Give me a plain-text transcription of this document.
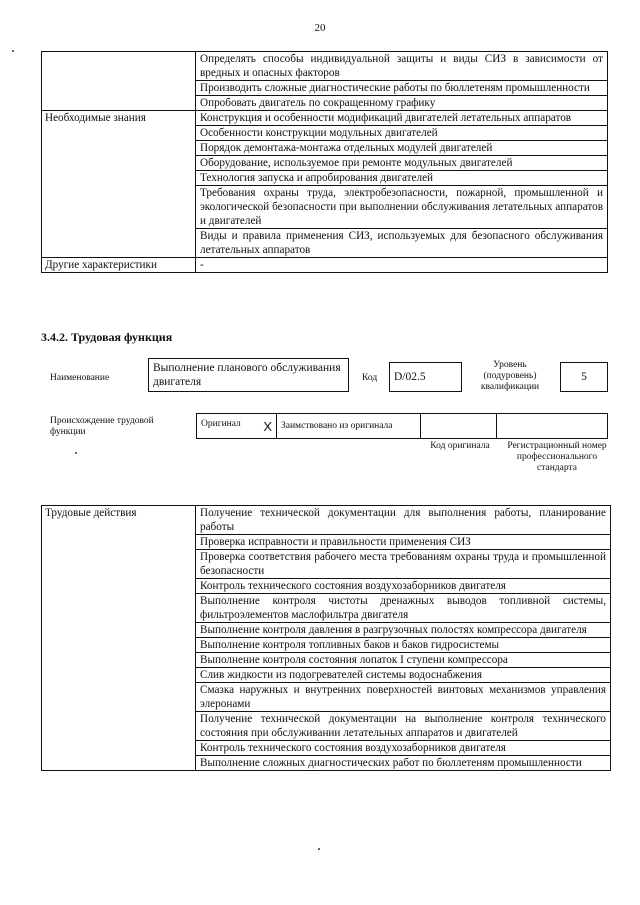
20
	Определять способы индивидуальной защиты и виды СИЗ в зависимости от вредных и опасных факторов
	Производить сложные диагностические работы по бюллетеням промышленности
	Опробовать двигатель по сокращенному графику
Необходимые знания	Конструкция и особенности модификаций двигателей летательных аппаратов
	Особенности конструкции модульных двигателей
	Порядок демонтажа-монтажа отдельных модулей двигателей
	Оборудование, используемое при ремонте модульных двигателей
	Технология запуска и апробирования двигателей
	Требования охраны труда, электробезопасности, пожарной, промышленной и экологической безопасности при выполнении обслуживания летательных аппаратов и двигателей
	Виды и правила применения СИЗ, используемых для безопасного обслуживания летательных аппаратов
Другие характеристики	-
3.4.2. Трудовая функция
Наименование
Выполнение планового обслуживания двигателя	Код	D/02.5
Уровень (подуровень) квалификации
5
Происхождение трудовой функции
Оригинал X	Заимствовано из оригинала		
Код оригинала	Регистрационный номер профессионального стандарта
Трудовые действия	Получение технической документации для выполнения работы, планирование работы
Проверка исправности и правильности применения СИЗ
Проверка соответствия рабочего места требованиям охраны труда и промышленной безопасности
Контроль технического состояния воздухозаборников двигателя
Выполнение контроля чистоты дренажных выводов топливной системы, фильтроэлементов маслофильтра двигателя
Выполнение контроля давления в разгрузочных полостях компрессора двигателя
Выполнение контроля топливных баков и баков гидросистемы
Выполнение контроля состояния лопаток I ступени компрессора
Слив жидкости из подогревателей системы водоснабжения
Смазка наружных и внутренних поверхностей винтовых механизмов управления элеронами
Получение технической документации на выполнение контроля технического состояния при обслуживании летательных аппаратов и двигателей
Контроль технического состояния воздухозаборников двигателя
Выполнение сложных диагностических работ по бюллетеням промышленности
